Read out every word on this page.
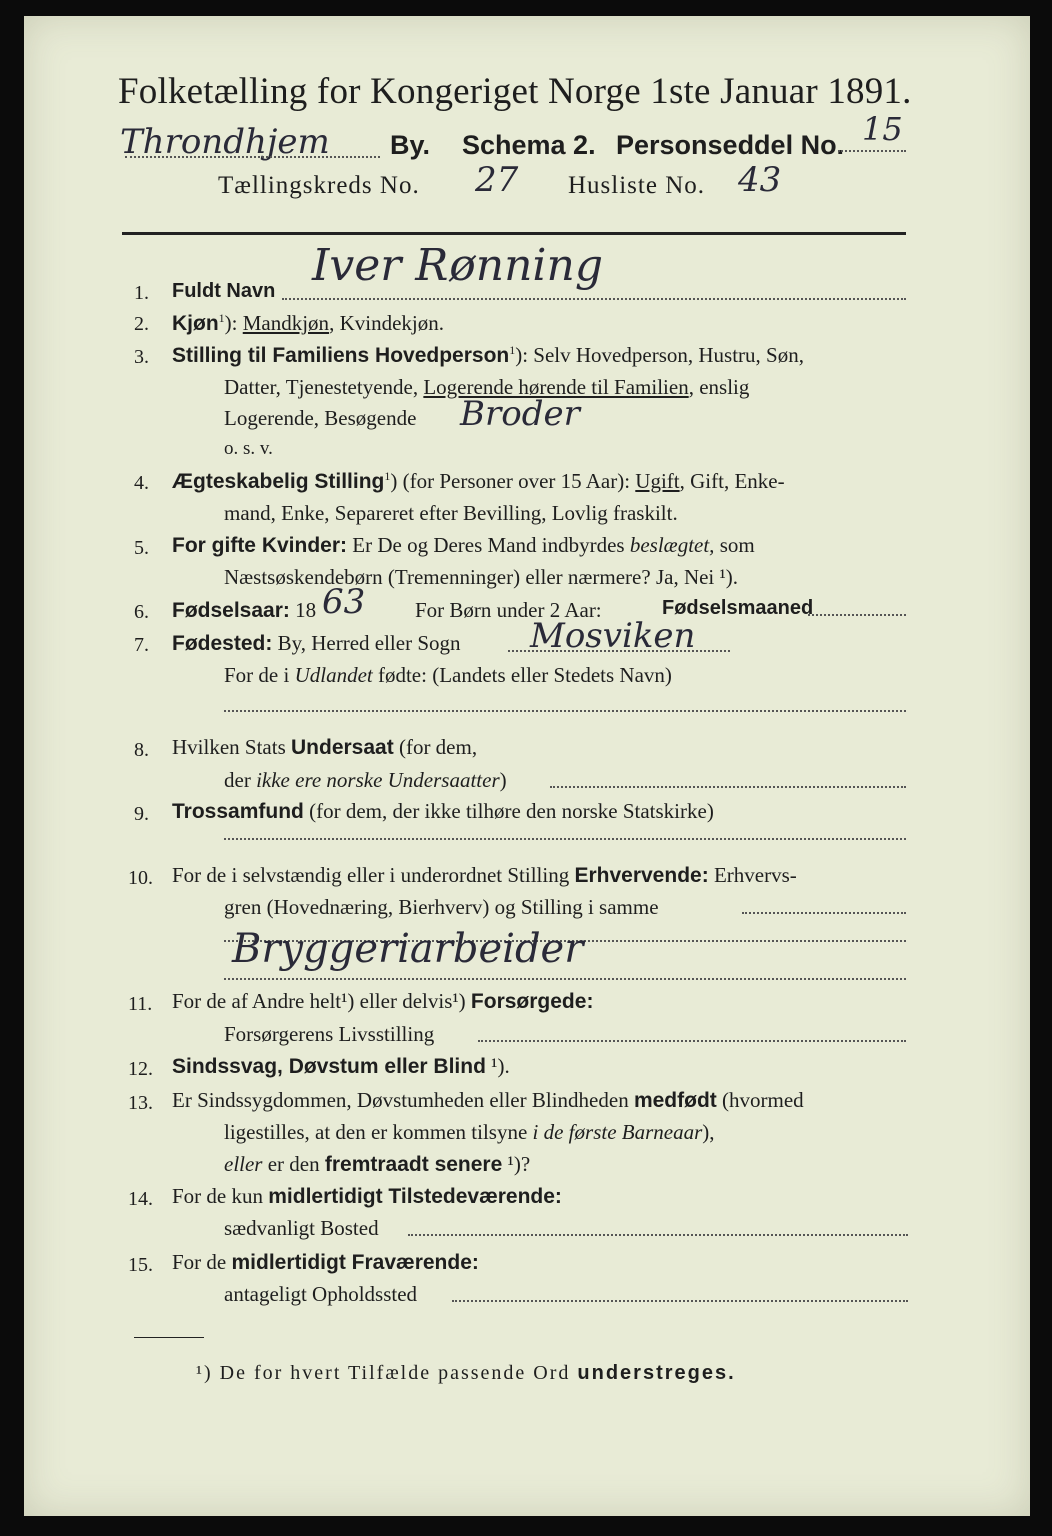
Folketælling for Kongeriget Norge 1ste Januar 1891.
Throndhjem By. Schema 2. Personseddel No. 15
Tællingskreds No. 27 Husliste No. 43
1. Fuldt Navn Iver Rønning
2. Kjøn$^1$): Mandkjøn, Kvindekjøn.
3. Stilling til Familiens Hovedperson$^1$): Selv Hovedperson, Hustru, Søn,
Datter, Tjenestetyende, Logerende hørende til Familien, enslig
Logerende, Besøgende Broder
o. s. v.
4. Ægteskabelig Stilling$^1$) (for Personer over 15 Aar): Ugift, Gift, Enke-
mand, Enke, Separeret efter Bevilling, Lovlig fraskilt.
5. For gifte Kvinder: Er De og Deres Mand indbyrdes beslægtet, som
Næstsøskendebørn (Tremenninger) eller nærmere? Ja, Nei ¹).
6. Fødselsaar: 18 63 For Børn under 2 Aar:	Fødselsmaaned
7. Fødested: By, Herred eller Sogn Mosviken
For de i Udlandet fødte: (Landets eller Stedets Navn)
8. Hvilken Stats Undersaat (for dem,
der ikke ere norske Undersaatter)
9. Trossamfund (for dem, der ikke tilhøre den norske Statskirke)
10. For de i selvstændig eller i underordnet Stilling Erhvervende: Erhvervs-
gren (Hovednæring, Bierhverv) og Stilling i samme
Bryggeriarbeider
11. For de af Andre helt¹) eller delvis¹) Forsørgede:
Forsørgerens Livsstilling
12. Sindssvag, Døvstum eller Blind ¹).
13. Er Sindssygdommen, Døvstumheden eller Blindheden medfødt (hvormed
ligestilles, at den er kommen tilsyne i de første Barneaar),
eller er den fremtraadt senere ¹)?
14. For de kun midlertidigt Tilstedeværende:
sædvanligt Bosted
15. For de midlertidigt Fraværende:
antageligt Opholdssted
¹) De for hvert Tilfælde passende Ord understreges.
